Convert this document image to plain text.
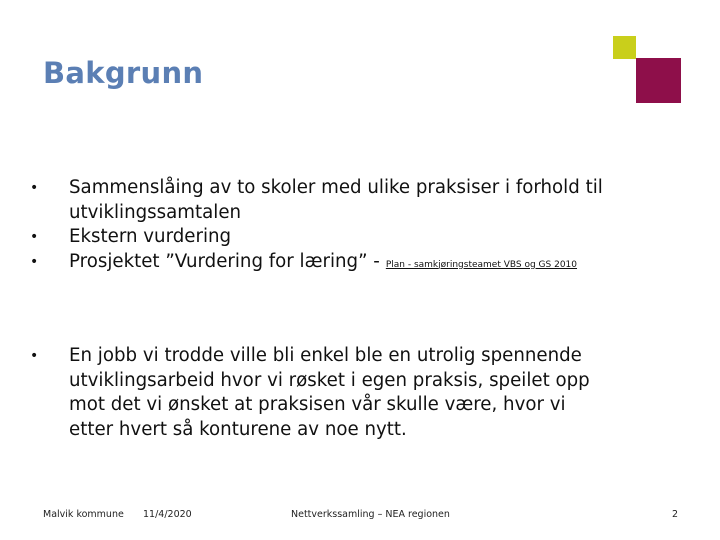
Bakgrunn
• Sammenslåing av to skoler med ulike praksiser i forhold til
utviklingssamtalen
• Ekstern vurdering
• Prosjektet ”Vurdering for læring” - Plan - samkjøringsteamet VBS og GS 2010
• En jobb vi trodde ville bli enkel ble en utrolig spennende
utviklingsarbeid hvor vi røsket i egen praksis, speilet opp
mot det vi ønsket at praksisen vår skulle være, hvor vi
etter hvert så konturene av noe nytt.
Malvik kommune 11/4/2020	Nettverkssamling – NEA regionen	2
